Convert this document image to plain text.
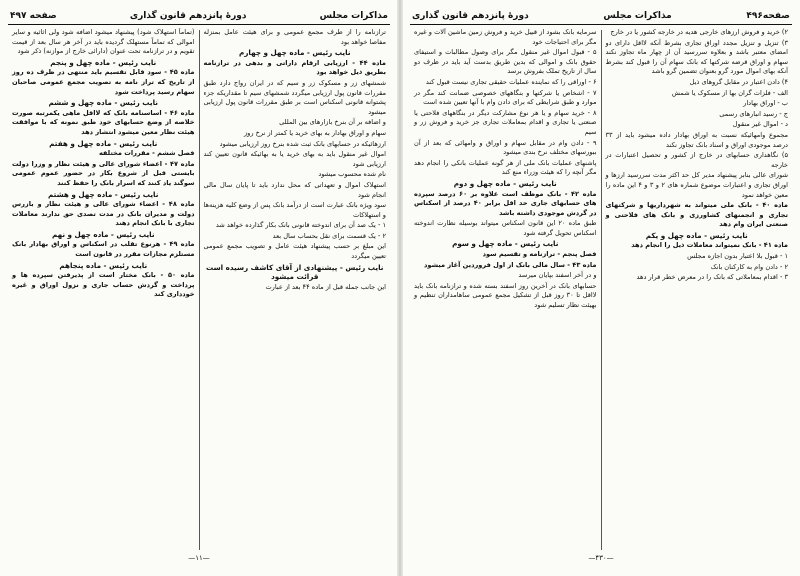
مذاکرات مجلس
دورۀ پانزدهم قانون گذاری
صفحه ۴۹۷

ترازنامه را از طرف مجمع عمومی و برای هیئت عامل بمنزله مفاصا خواهد بود

نایب رئیس - ماده چهل و چهارم

ماده ۴۴ - ارزیابی ارقام داراتی و بدهی در ترازنامه بطریق ذیل خواهد بود

شمشهای زر و مسکوک زر و سیم که در ایران رواج دارد طبق مقررات قانون پول ارزیابی میگردد شمشهای سیم تا مقداریکه جزء پشتوانه قانونی اسکناس است بر طبق مقررات قانون پول ارزیابی میشود

و اضافه بر آن بنرخ بازارهای بین المللی

سهام و اوراق بهادار به بهای خرید یا کمتر از نرخ روز

ارزهائیکه در حسابهای بانک ثبت شده بنرخ روز ارزیابی میشود

اموال غیر منقول باید به بهای خرید یا به بهائیکه قانون تعیین کند ارزیابی شود

نام شده محسوب میشود

استهلاک اموال و تعهداتی که محل ندارد باید تا پایان سال مالی انجام شود

سود ویژه بانک عبارت است از درآمد بانک پس از وضع کلیه هزینه‌ها و استهلاکات

۱ - یک صد آن برای اندوخته قانونی بانک بکار گذارده خواهد شد

۲ - یک قسمت برای نقل بحساب سال بعد

این مبلغ بر حسب پیشنهاد هیئت عامل و تصویب مجمع عمومی تعیین میگردد

نایب رئیس - پیشنهادی از آقای کاشف رسیده است قرائت میشود

این جانب جمله قبل از ماده ۴۴ بعد از عبارت

(تماماً استهلاک شود) پیشنهاد میشود اضافه شود ولی اثاثیه و سایر اموالی که تماماً مستهلک گردیده باید در آخر هر سال بعد از قیمت تقویم و در ترازنامه تحت عنوان (دارائی خارج از موازنه) ذکر شود

نایب رئیس - ماده چهل و پنجم

ماده ۴۵ - سود قابل تقسیم باید منتهی در ظرف ده روز از تاریخ که تراز نامه به تصویب مجمع عمومی صاحبان سهام رسید پرداخت شود

نایب رئیس - ماده چهل و ششم

ماده ۴۶ - اساسنامه بانک که لااقل ماهی یکمرتبه صورت خلاصه از وضع حسابهای خود طبق نمونه که با موافقت هیئت نظار معین میشود انتشار دهد

نایب رئیس - ماده چهل و هفتم

فصل ششم - مقررات مختلفه

ماده ۴۷ - اعضاء شورای عالی و هیئت نظار و وزرا دولت بایستی قبل از شروع بکار در حضور عموم عمومی سوگند یاد کنند که اسرار بانک را حفظ کنند

نایب رئیس - ماده چهل و هشتم

ماده ۴۸ - اعضاء شورای عالی و هیئت نظار و بازرس دولت و مدیران بانک در مدت تصدی حق ندارند معاملات تجاری با بانک انجام دهند

نایب رئیس - ماده چهل و نهم

ماده ۴۹ - هرنوع تقلب در اسکناس و اوراق بهادار بانک مستلزم مجازات مقرر در قانون است

نایب رئیس - ماده پنجاهم

ماده ۵۰ - بانک مختار است از پذیرفتن سپرده ها و پرداخت و گردش حساب جاری و نزول اوراق و غیره خودداری کند

—۱۱—
صفحه۴۹۶
مذاکرات مجلس
دورۀ پانزدهم قانون گذاری

۲) خرید و فروش ارزهای خارجی هدیه در خارجه کشور یا در خارج

۳) تنزیل و تنزیل مجدد اوراق تجاری بشرط آنکه لااقل دارای دو امضای معتبر باشد و بعلاوه سررسید آن از چهار ماه تجاوز نکند سهام و اوراق قرضه شرکتها که بانک سهام آن را قبول کند بشرط آنکه بهای اموال مورد گرو بعنوان تضمین گرو باشد

۴) دادن اعتبار در مقابل گروهای ذیل

الف - فلزات گران بها از مسکوک یا شمش

ب - اوراق بهادار

ج - رسید انبارهای رسمی

د - اموال غیر منقول

مجموع وامهائیکه نسبت به اوراق بهادار داده میشود باید از ۳۳ درصد موجودی اوراق و اسناد بانک تجاوز نکند

۵) نگاهداری حسابهای در خارج از کشور و تحصیل اعتبارات در خارجه

شورای عالی بنابر پیشنهاد مدیر کل حد اکثر مدت سررسید ارزها و اوراق تجاری و اعتبارات موضوع شماره های ۲ و ۳ و ۴ این ماده را معین خواهد نمود

ماده ۴۰ - بانک ملی میتواند به شهرداریها و شرکتهای تجاری و انجمنهای کشاورزی و بانک های فلاحتی و صنعتی ایران وام دهد

نایب رئیس - ماده چهل و یکم

ماده ۴۱ - بانک نمیتواند معاملات ذیل را انجام دهد

۱ - قبول بلا اعتبار بدون اجازه مجلس

۲ - دادن وام به کارکنان بانک

۳ - اقدام بمعاملاتی که بانک را در معرض خطر قرار دهد

سرمایه بانک بشود از قبیل خرید و فروش زمین ماشین آلات و غیره مگر برای احتیاجات خود

۵ - قبول اموال غیر منقول مگر برای وصول مطالبات و استیفای حقوق بانک و اموالی که بدین طریق بدست آید باید در ظرف دو سال از تاریخ تملک بفروش برسد

۶ - اوراقی را که نماینده عملیات حقیقی تجاری نیست قبول کند

۷ - اشخاص یا شرکتها و بنگاههای خصوصی ضمانت کند مگر در موارد و طبق شرایطی که برای دادن وام با آنها تعیین شده است

۸ - خرید سهام و یا هر نوع مشارکت دیگر در بنگاههای فلاحتی یا صنعتی یا تجاری و اقدام بمعاملات تجاری جز خرید و فروش زر و سیم

۹ - دادن وام در مقابل سهام و اوراق و وامهائی که بعد از آن ببورسهای مختلف نرخ بندی میشود

پاشنهای عملیات بانک ملی از هر گونه عملیات بانکی را انجام دهد مگر آنچه را که هیئت وزراء منع کند

نایب رئیس - ماده چهل و دوم

ماده ۴۲ - بانک موظف است علاوه بر ۶۰ درصد سپرده های حسابهای جاری حد اقل برابر ۴۰ درصد از اسکناس در گردش موجودی داشته باشد

طبق ماده ۲۰ این قانون اسکناس میتواند بوسیله نظارت اندوخته اسکناس تحویل گرفته شود

نایب رئیس - ماده چهل و سوم

فصل پنجم - ترازنامه و تقسیم سود

ماده ۴۳ - سال مالی بانک از اول فروردین آغاز میشود

و در آخر اسفند بپایان میرسد

حسابهای بانک در آخرین روز اسفند بسته شده و ترازنامه بانک باید لااقل تا ۳۰ روز قبل از تشکیل مجمع عمومی ساهامداران تنظیم و بهیئت نظار تسلیم شود

—۴۳۰—
